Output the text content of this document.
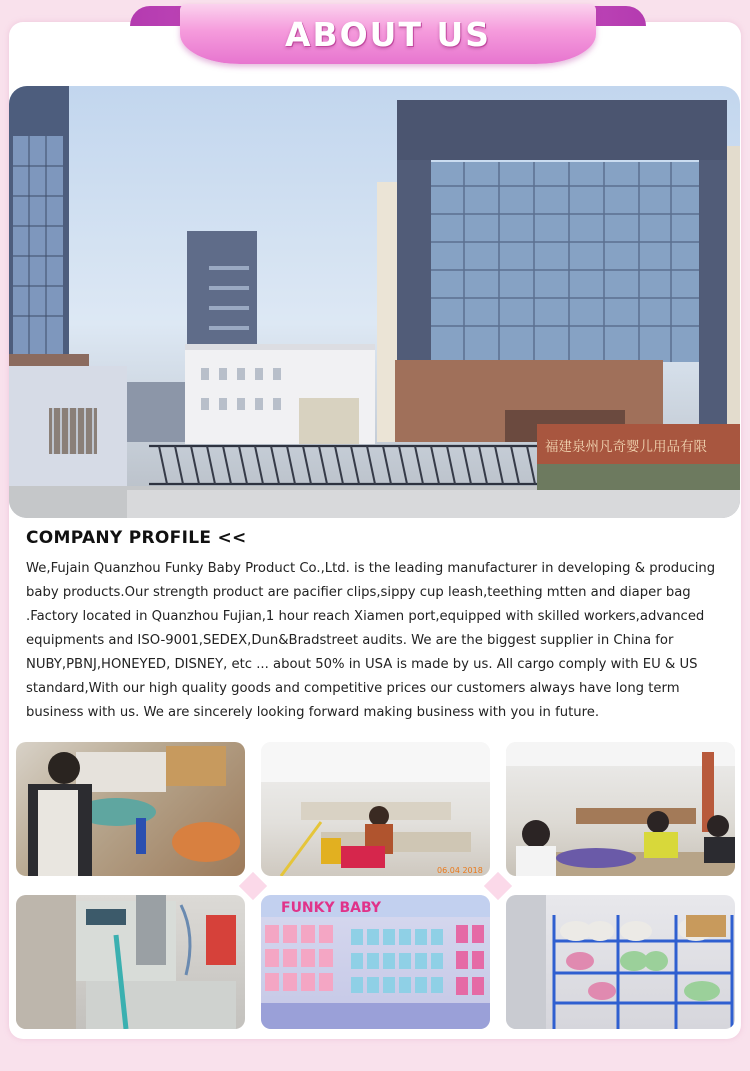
ABOUT US
福建泉州凡奇婴儿用品有限
COMPANY PROFILE <<

We,Fujain Quanzhou Funky Baby Product Co.,Ltd. is the leading manufacturer in developing & producing baby products.Our strength product are pacifier clips,sippy cup leash,teething mtten and diaper bag .Factory located in Quanzhou Fujian,1 hour reach Xiamen port,equipped with skilled workers,advanced equipments and ISO-9001,SEDEX,Dun&Bradstreet audits. We are the biggest supplier in China for NUBY,PBNJ,HONEYED, DISNEY, etc ... about 50% in USA is made by us. All cargo comply with EU & US standard,With our high quality goods and competitive prices our customers always have long term business with us. We are sincerely looking forward making business with you in future.

06.04 2018
FUNKY BABY
